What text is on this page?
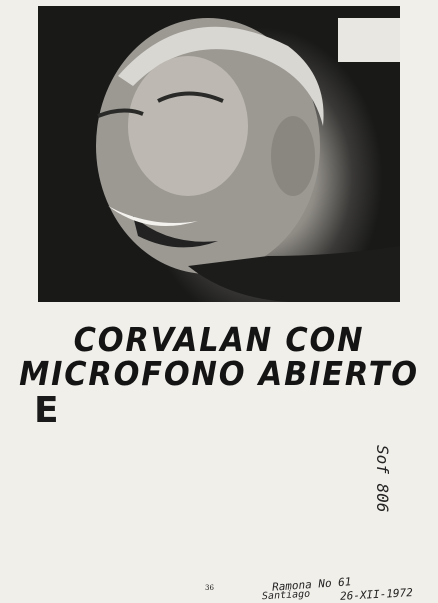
CORVALAN CON
MICROFONO ABIERTO
E
36
Sof 806
Ramona No 61
Santiago	26-XII-1972
